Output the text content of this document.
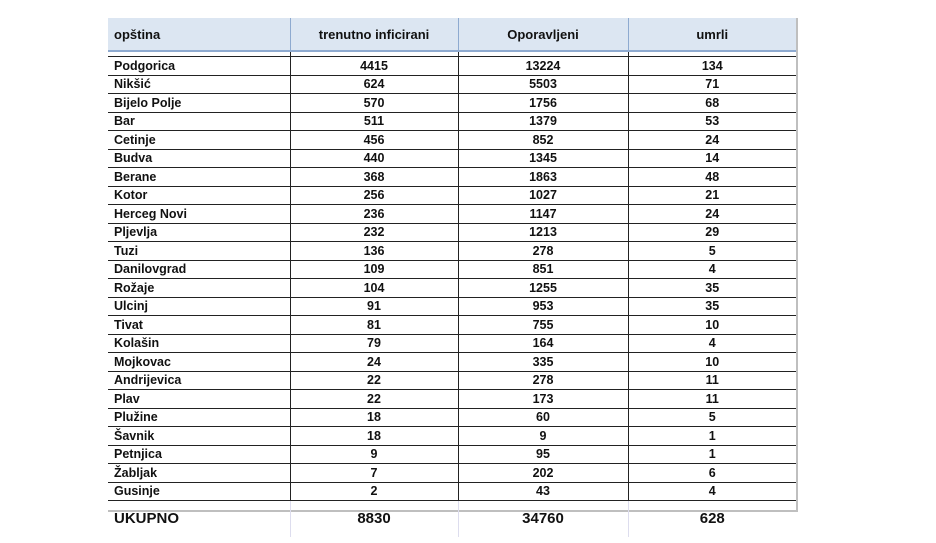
opština	trenutno inficirani	Oporavljeni	umrli

Podgorica	4415	13224	134
Nikšić	624	5503	71
Bijelo Polje	570	1756	68
Bar	511	1379	53
Cetinje	456	852	24
Budva	440	1345	14
Berane	368	1863	48
Kotor	256	1027	21
Herceg Novi	236	1147	24
Pljevlja	232	1213	29
Tuzi	136	278	5
Danilovgrad	109	851	4
Rožaje	104	1255	35
Ulcinj	91	953	35
Tivat	81	755	10
Kolašin	79	164	4
Mojkovac	24	335	10
Andrijevica	22	278	11
Plav	22	173	11
Plužine	18	60	5
Šavnik	18	9	1
Petnjica	9	95	1
Žabljak	7	202	6
Gusinje	2	43	4
UKUPNO	8830	34760	628
